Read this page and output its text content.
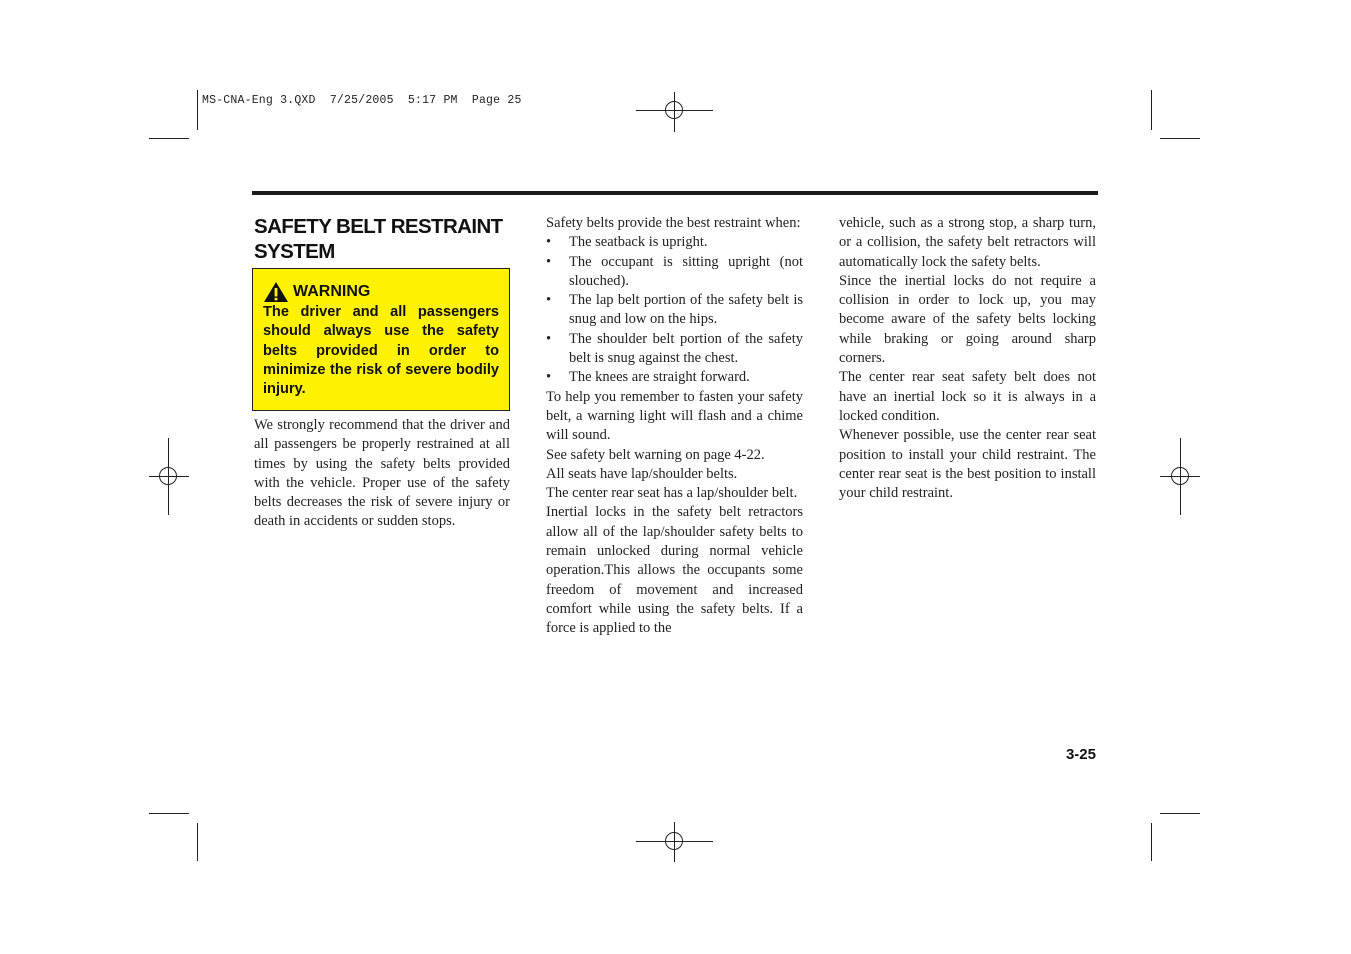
MS-CNA-Eng 3.QXD  7/25/2005  5:17 PM  Page 25
SAFETY BELT RESTRAINT SYSTEM
WARNING
The driver and all passengers should always use the safety belts provided in order to minimize the risk of severe bodily injury.

We strongly recommend that the driver and all passengers be properly restrained at all times by using the safety belts provided with the vehicle. Proper use of the safety belts decreases the risk of severe injury or death in accidents or sudden stops.

Safety belts provide the best restraint when:

• The seatback is upright.
• The occupant is sitting upright (not slouched).
• The lap belt portion of the safety belt is snug and low on the hips.
• The shoulder belt portion of the safety belt is snug against the chest.
• The knees are straight forward.

To help you remember to fasten your safety belt, a warning light will flash and a chime will sound.

See safety belt warning on page 4-22.

All seats have lap/shoulder belts.

The center rear seat has a lap/shoulder belt.

Inertial locks in the safety belt retractors allow all of the lap/shoulder safety belts to remain unlocked during normal vehicle operation.This allows the occupants some freedom of movement and increased comfort while using the safety belts. If a force is applied to the

vehicle, such as a strong stop, a sharp turn, or a collision, the safety belt retractors will automatically lock the safety belts.

Since the inertial locks do not require a collision in order to lock up, you may become aware of the safety belts locking while braking or going around sharp corners.

The center rear seat safety belt does not have an inertial lock so it is always in a locked condition.

Whenever possible, use the center rear seat position to install your child restraint. The center rear seat is the best position to install your child restraint.

3-25
